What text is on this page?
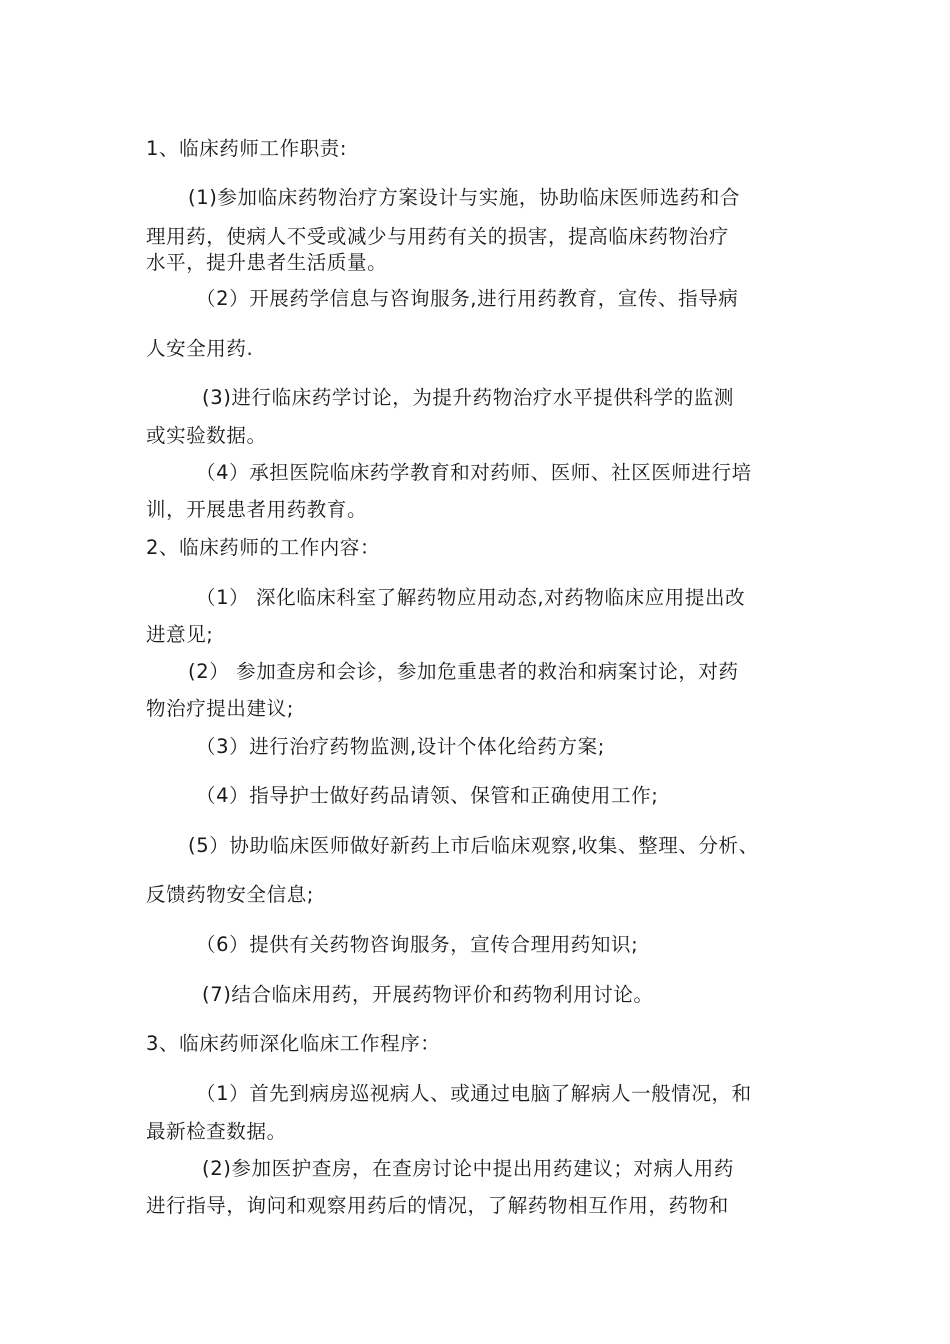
1、临床药师工作职责:
(1)参加临床药物治疗方案设计与实施，协助临床医师选药和合
理用药，使病人不受或减少与用药有关的损害，提高临床药物治疗
水平，提升患者生活质量。
（2）开展药学信息与咨询服务,进行用药教育，宣传、指导病
人安全用药.
(3)进行临床药学讨论，为提升药物治疗水平提供科学的监测
或实验数据。
（4）承担医院临床药学教育和对药师、医师、社区医师进行培
训，开展患者用药教育。
2、临床药师的工作内容：
（1） 深化临床科室了解药物应用动态,对药物临床应用提出改
进意见;
(2） 参加查房和会诊，参加危重患者的救治和病案讨论，对药
物治疗提出建议;
（3）进行治疗药物监测,设计个体化给药方案;
（4）指导护士做好药品请领、保管和正确使用工作;
(5）协助临床医师做好新药上市后临床观察,收集、整理、分析、
反馈药物安全信息;
（6）提供有关药物咨询服务，宣传合理用药知识;
(7)结合临床用药，开展药物评价和药物利用讨论。
3、临床药师深化临床工作程序：
（1）首先到病房巡视病人、或通过电脑了解病人一般情况，和
最新检查数据。
(2)参加医护查房，在查房讨论中提出用药建议；对病人用药
进行指导，询问和观察用药后的情况，了解药物相互作用，药物和
